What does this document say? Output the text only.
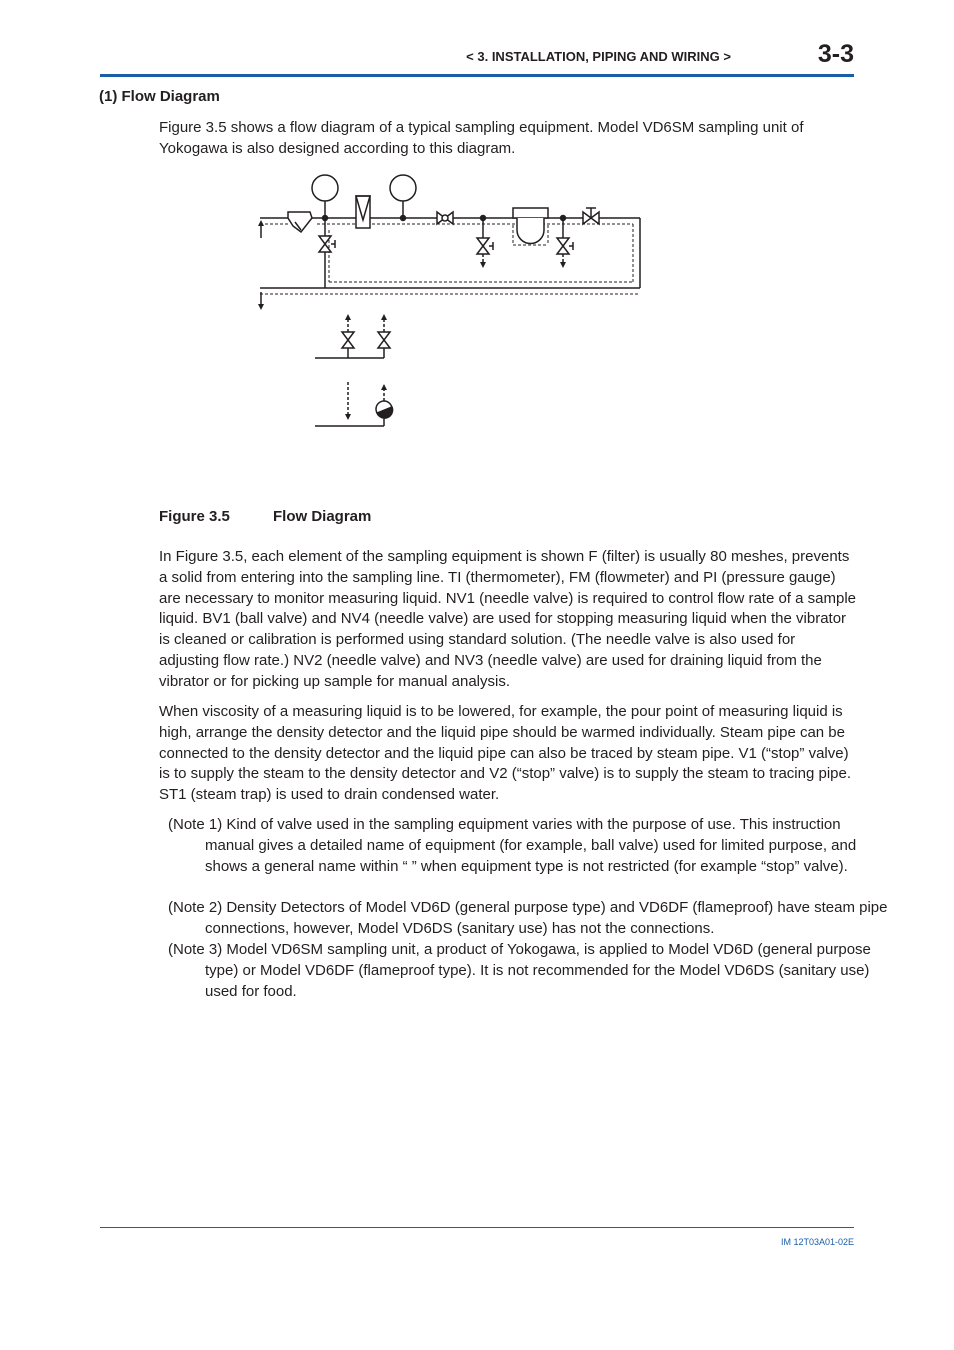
< 3. INSTALLATION, PIPING AND WIRING >	3-3
(1) Flow Diagram
Figure 3.5 shows a flow diagram of a typical sampling equipment. Model VD6SM sampling unit of Yokogawa is also designed according to this diagram.
Figure 3.5	Flow Diagram
In Figure 3.5, each element of the sampling equipment is shown F (filter) is usually 80 meshes, prevents a solid from entering into the sampling line. TI (thermometer), FM (flowmeter) and PI (pressure gauge) are necessary to monitor measuring liquid. NV1 (needle valve) is required to control flow rate of a sample liquid. BV1 (ball valve) and NV4 (needle valve) are used for stopping measuring liquid when the vibrator is cleaned or calibration is performed using standard solution. (The needle valve is also used for adjusting flow rate.) NV2 (needle valve) and NV3 (needle valve) are used for draining liquid from the vibrator or for picking up sample for manual analysis.
When viscosity of a measuring liquid is to be lowered, for example, the pour point of measuring liquid is high, arrange the density detector and the liquid pipe should be warmed individually. Steam pipe can be connected to the density detector and the liquid pipe can also be traced by steam pipe. V1 (“stop” valve) is to supply the steam to the density detector and V2 (“stop” valve) is to supply the steam to tracing pipe. ST1 (steam trap) is used to drain condensed water.
(Note 1) Kind of valve used in the sampling equipment varies with the purpose of use. This instruction manual gives a detailed name of equipment (for example, ball valve) used for limited purpose, and shows a general name within “ ” when equipment type is not restricted (for example “stop” valve).
(Note 2) Density Detectors of Model VD6D (general purpose type) and VD6DF (flameproof) have steam pipe connections, however, Model VD6DS (sanitary use) has not the connections.
(Note 3) Model VD6SM sampling unit, a product of Yokogawa, is applied to Model VD6D (general purpose type) or Model VD6DF (flameproof type). It is not recommended for the Model VD6DS (sanitary use) used for food.
IM 12T03A01-02E
